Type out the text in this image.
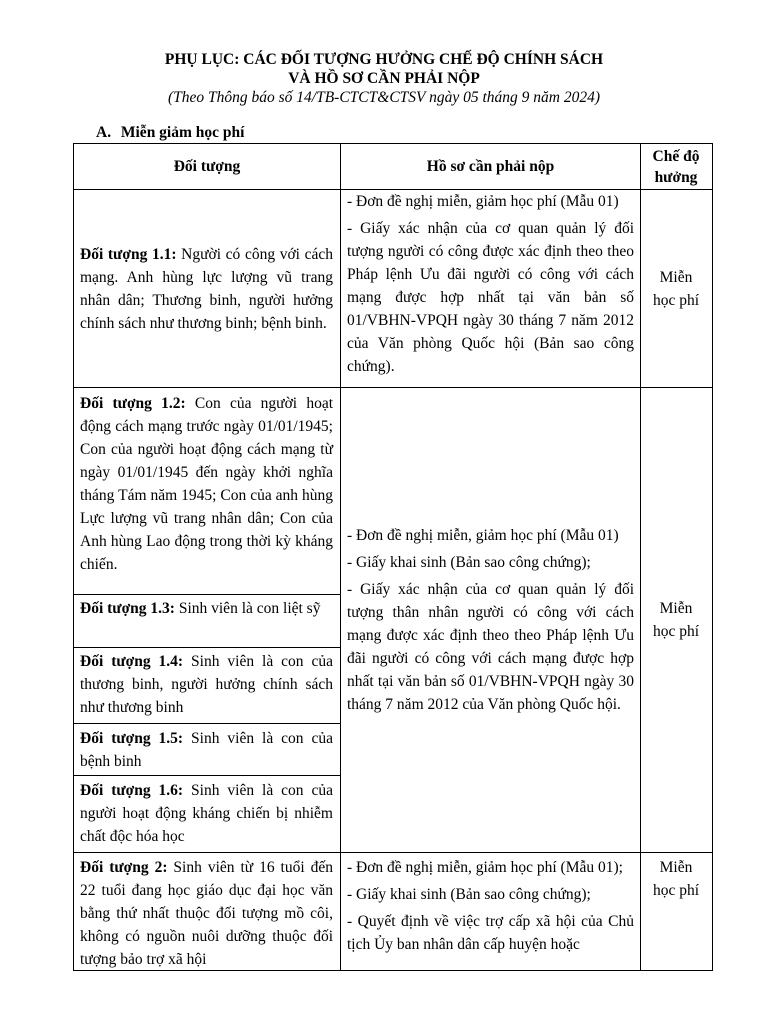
PHỤ LỤC: CÁC ĐỐI TƯỢNG HƯỞNG CHẾ ĐỘ CHÍNH SÁCH
VÀ HỒ SƠ CẦN PHẢI NỘP
(Theo Thông báo số 14/TB-CTCT&CTSV ngày 05 tháng 9 năm 2024)
A. Miễn giảm học phí
Đối tượng	Hồ sơ cần phải nộp
Chế độ hưởng

Đối tượng 1.1: Người có công với cách mạng. Anh hùng lực lượng vũ trang nhân dân; Thương binh, người hưởng chính sách như thương binh; bệnh binh.

- Đơn đề nghị miễn, giảm học phí (Mẫu 01)

- Giấy xác nhận của cơ quan quản lý đối tượng người có công được xác định theo theo Pháp lệnh Ưu đãi người có công với cách mạng được hợp nhất tại văn bản số 01/VBHN-VPQH ngày 30 tháng 7 năm 2012 của Văn phòng Quốc hội (Bản sao công chứng).

Miễn học phí

Đối tượng 1.2: Con của người hoạt động cách mạng trước ngày 01/01/1945; Con của người hoạt động cách mạng từ ngày 01/01/1945 đến ngày khởi nghĩa tháng Tám năm 1945; Con của anh hùng Lực lượng vũ trang nhân dân; Con của Anh hùng Lao động trong thời kỳ kháng chiến.

Đối tượng 1.3: Sinh viên là con liệt sỹ

Đối tượng 1.4: Sinh viên là con của thương binh, người hưởng chính sách như thương binh

Đối tượng 1.5: Sinh viên là con của bệnh binh

Đối tượng 1.6: Sinh viên là con của người hoạt động kháng chiến bị nhiễm chất độc hóa học

- Đơn đề nghị miễn, giảm học phí (Mẫu 01)

- Giấy khai sinh (Bản sao công chứng);

- Giấy xác nhận của cơ quan quản lý đối tượng thân nhân người có công với cách mạng được xác định theo theo Pháp lệnh Ưu đãi người có công với cách mạng được hợp nhất tại văn bản số 01/VBHN-VPQH ngày 30 tháng 7 năm 2012 của Văn phòng Quốc hội.

Miễn học phí

Đối tượng 2: Sinh viên từ 16 tuổi đến 22 tuổi đang học giáo dục đại học văn bằng thứ nhất thuộc đối tượng mồ côi, không có nguồn nuôi dưỡng thuộc đối tượng bảo trợ xã hội

- Đơn đề nghị miễn, giảm học phí (Mẫu 01);

- Giấy khai sinh (Bản sao công chứng);

- Quyết định về việc trợ cấp xã hội của Chủ tịch Ủy ban nhân dân cấp huyện hoặc

Miễn học phí
